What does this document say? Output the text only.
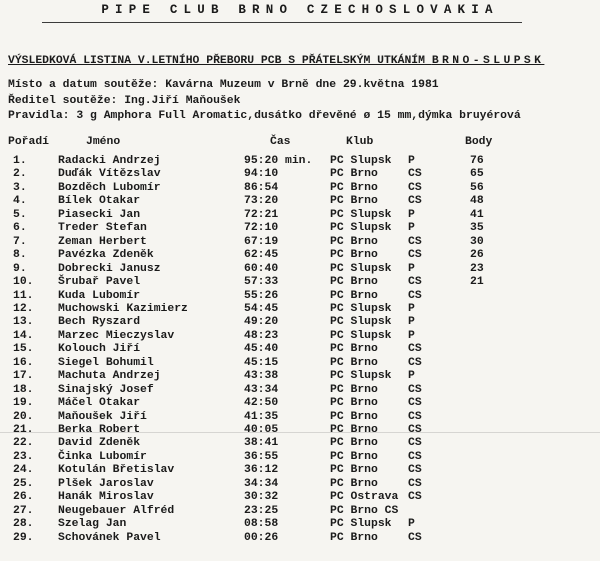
PIPE CLUB BRNO CZECHOSLOVAKIA
VÝSLEDKOVÁ LISTINA V.LETNÍHO PŘEBORU PCB S PŘÁTELSKÝM UTKÁNÍM BRNO-SLUPSK
Místo a datum soutěže: Kavárna Muzeum v Brně dne 29.května 1981
Ředitel soutěže: Ing.Jiří Maňoušek
Pravidla: 3 g Amphora Full Aromatic,dusátko dřevěné ø 15 mm,dýmka bruyérová
Pořadí	Jméno	Čas	Klub	Body
1.	Radacki Andrzej	95:20 min. PC Slupsk P	76
2.	Duďák Vítězslav	94:10	PC Brno	CS	65
3.	Bozděch Lubomír	86:54	PC Brno	CS	56
4.	Bílek Otakar	73:20	PC Brno	CS	48
5.	Piasecki Jan	72:21	PC Slupsk P	41
6.	Treder Stefan	72:10	PC Slupsk P	35
7.	Zeman Herbert	67:19	PC Brno	CS	30
8.	Pavézka Zdeněk	62:45	PC Brno	CS	26
9.	Dobrecki Janusz	60:40	PC Slupsk P	23
10. Šrubař Pavel	57:33	PC Brno	CS	21
11. Kuda Lubomír	55:26	PC Brno	CS
12. Muchowski Kazimierz	54:45	PC Slupsk P
13. Bech Ryszard	49:20	PC Slupsk P
14. Marzec Mieczyslav	48:23	PC Slupsk P
15. Kolouch Jiří	45:40	PC Brno	CS
16. Siegel Bohumil	45:15	PC Brno	CS
17. Machuta Andrzej	43:38	PC Slupsk P
18. Sinajský Josef	43:34	PC Brno	CS
19. Máčel Otakar	42:50	PC Brno	CS
20. Maňoušek Jiří	41:35	PC Brno	CS
21. Berka Robert	40:05	PC Brno	CS
22. David Zdeněk	38:41	PC Brno	CS
23. Činka Lubomír	36:55	PC Brno	CS
24. Kotulán Břetislav	36:12	PC Brno	CS
25. Plšek Jaroslav	34:34	PC Brno	CS
26. Hanák Miroslav	30:32	PC Ostrava CS
27. Neugebauer Alfréd	23:25	PC Brno CS
28. Szelag Jan	08:58	PC Slupsk P
29. Schovánek Pavel	00:26	PC Brno	CS
